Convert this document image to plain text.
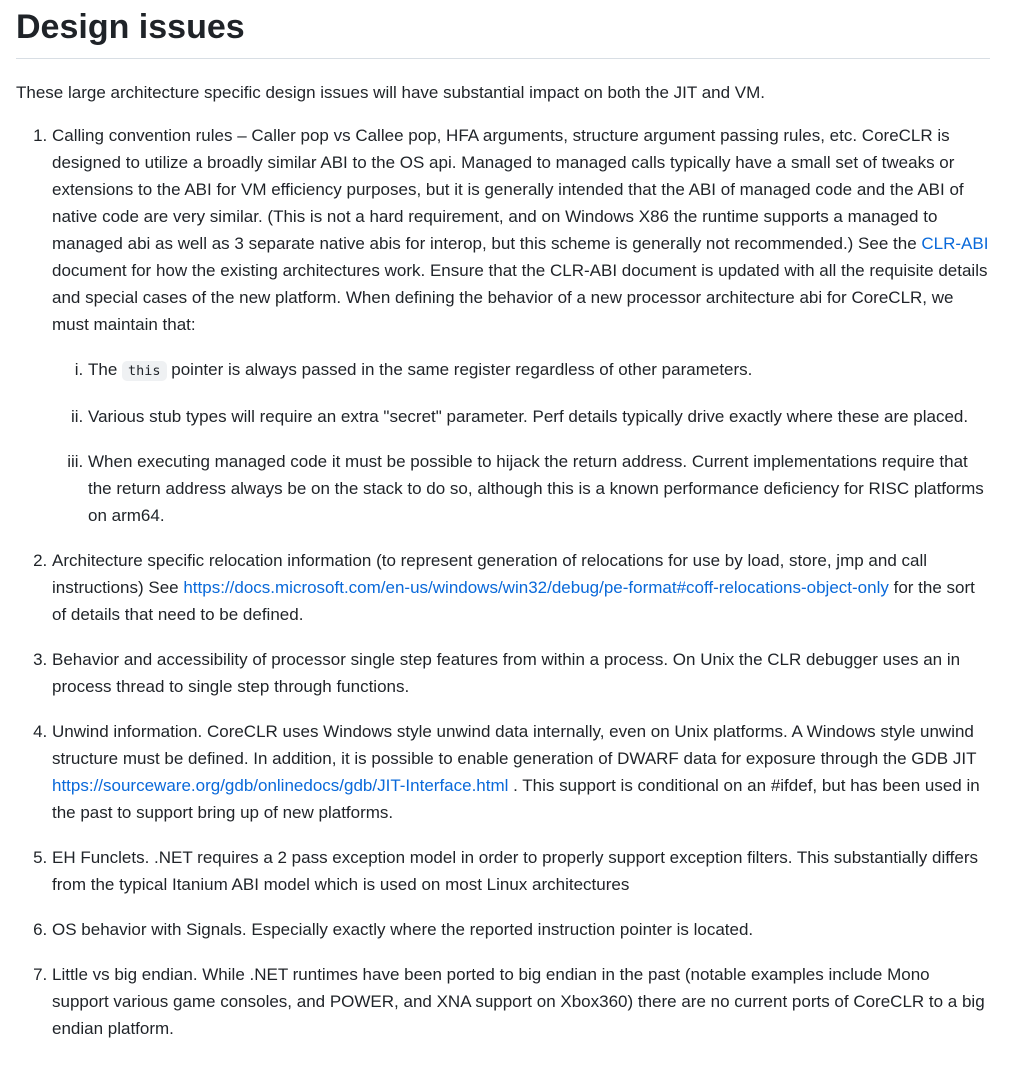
Design issues

These large architecture specific design issues will have substantial impact on both the JIT and VM.

1. Calling convention rules – Caller pop vs Callee pop, HFA arguments, structure argument passing rules, etc. CoreCLR is designed to utilize a broadly similar ABI to the OS api. Managed to managed calls typically have a small set of tweaks or extensions to the ABI for VM efficiency purposes, but it is generally intended that the ABI of managed code and the ABI of native code are very similar. (This is not a hard requirement, and on Windows X86 the runtime supports a managed to managed abi as well as 3 separate native abis for interop, but this scheme is generally not recommended.) See the CLR-ABI document for how the existing architectures work. Ensure that the CLR-ABI document is updated with all the requisite details and special cases of the new platform. When defining the behavior of a new processor architecture abi for CoreCLR, we must maintain that:
i. The this pointer is always passed in the same register regardless of other parameters.
ii. Various stub types will require an extra "secret" parameter. Perf details typically drive exactly where these are placed.
iii. When executing managed code it must be possible to hijack the return address. Current implementations require that the return address always be on the stack to do so, although this is a known performance deficiency for RISC platforms on arm64.
2. Architecture specific relocation information (to represent generation of relocations for use by load, store, jmp and call instructions) See https://docs.microsoft.com/en-us/windows/win32/debug/pe-format#coff-relocations-object-only for the sort of details that need to be defined.
3. Behavior and accessibility of processor single step features from within a process. On Unix the CLR debugger uses an in process thread to single step through functions.
4. Unwind information. CoreCLR uses Windows style unwind data internally, even on Unix platforms. A Windows style unwind structure must be defined. In addition, it is possible to enable generation of DWARF data for exposure through the GDB JIT https://sourceware.org/gdb/onlinedocs/gdb/JIT-Interface.html . This support is conditional on an #ifdef, but has been used in the past to support bring up of new platforms.
5. EH Funclets. .NET requires a 2 pass exception model in order to properly support exception filters. This substantially differs from the typical Itanium ABI model which is used on most Linux architectures
6. OS behavior with Signals. Especially exactly where the reported instruction pointer is located.
7. Little vs big endian. While .NET runtimes have been ported to big endian in the past (notable examples include Mono support various game consoles, and POWER, and XNA support on Xbox360) there are no current ports of CoreCLR to a big endian platform.
